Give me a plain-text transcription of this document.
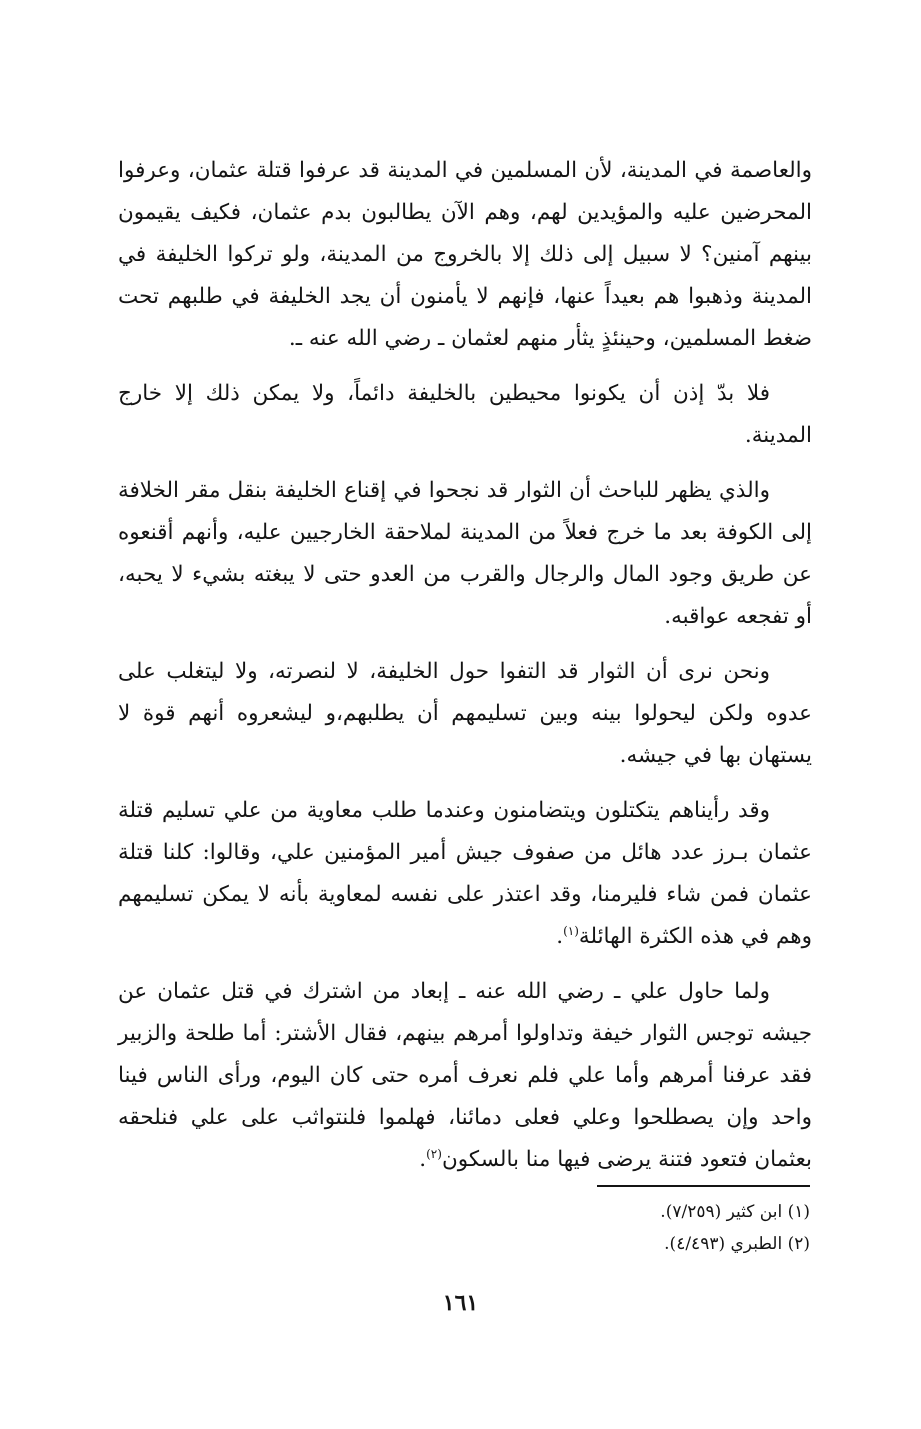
والعاصمة في المدينة، لأن المسلمين في المدينة قد عرفوا قتلة عثمان، وعرفوا المحرضين عليه والمؤيدين لهم، وهم الآن يطالبون بدم عثمان، فكيف يقيمون بينهم آمنين؟ لا سبيل إلى ذلك إلا بالخروج من المدينة، ولو تركوا الخليفة في المدينة وذهبوا هم بعيداً عنها، فإنهم لا يأمنون أن يجد الخليفة في طلبهم تحت ضغط المسلمين، وحينئذٍ يثأر منهم لعثمان ـ رضي الله عنه ـ.

فلا بدّ إذن أن يكونوا محيطين بالخليفة دائماً، ولا يمكن ذلك إلا خارج المدينة.

والذي يظهر للباحث أن الثوار قد نجحوا في إقناع الخليفة بنقل مقر الخلافة إلى الكوفة بعد ما خرج فعلاً من المدينة لملاحقة الخارجيين عليه، وأنهم أقنعوه عن طريق وجود المال والرجال والقرب من العدو حتى لا يبغته بشيء لا يحبه، أو تفجعه عواقبه.

ونحن نرى أن الثوار قد التفوا حول الخليفة، لا لنصرته، ولا ليتغلب على عدوه ولكن ليحولوا بينه وبين تسليمهم أن يطلبهم،و ليشعروه أنهم قوة لا يستهان بها في جيشه.

وقد رأيناهم يتكتلون ويتضامنون وعندما طلب معاوية من علي تسليم قتلة عثمان بـرز عدد هائل من صفوف جيش أمير المؤمنين علي، وقالوا: كلنا قتلة عثمان فمن شاء فليرمنا، وقد اعتذر على نفسه لمعاوية بأنه لا يمكن تسليمهم وهم في هذه الكثرة الهائلة$^{(١)}$.

ولما حاول علي ـ رضي الله عنه ـ إبعاد من اشترك في قتل عثمان عن جيشه توجس الثوار خيفة وتداولوا أمرهم بينهم، فقال الأشتر: أما طلحة والزبير فقد عرفنا أمرهم وأما علي فلم نعرف أمره حتى كان اليوم، ورأى الناس فينا واحد وإن يصطلحوا وعلي فعلى دمائنا، فهلموا فلنتواثب على علي فنلحقه بعثمان فتعود فتنة يرضى فيها منا بالسكون$^{(٢)}$.

(١) ابن كثير (٧/٢٥٩).

(٢) الطبري (٤/٤٩٣).

١٦١
